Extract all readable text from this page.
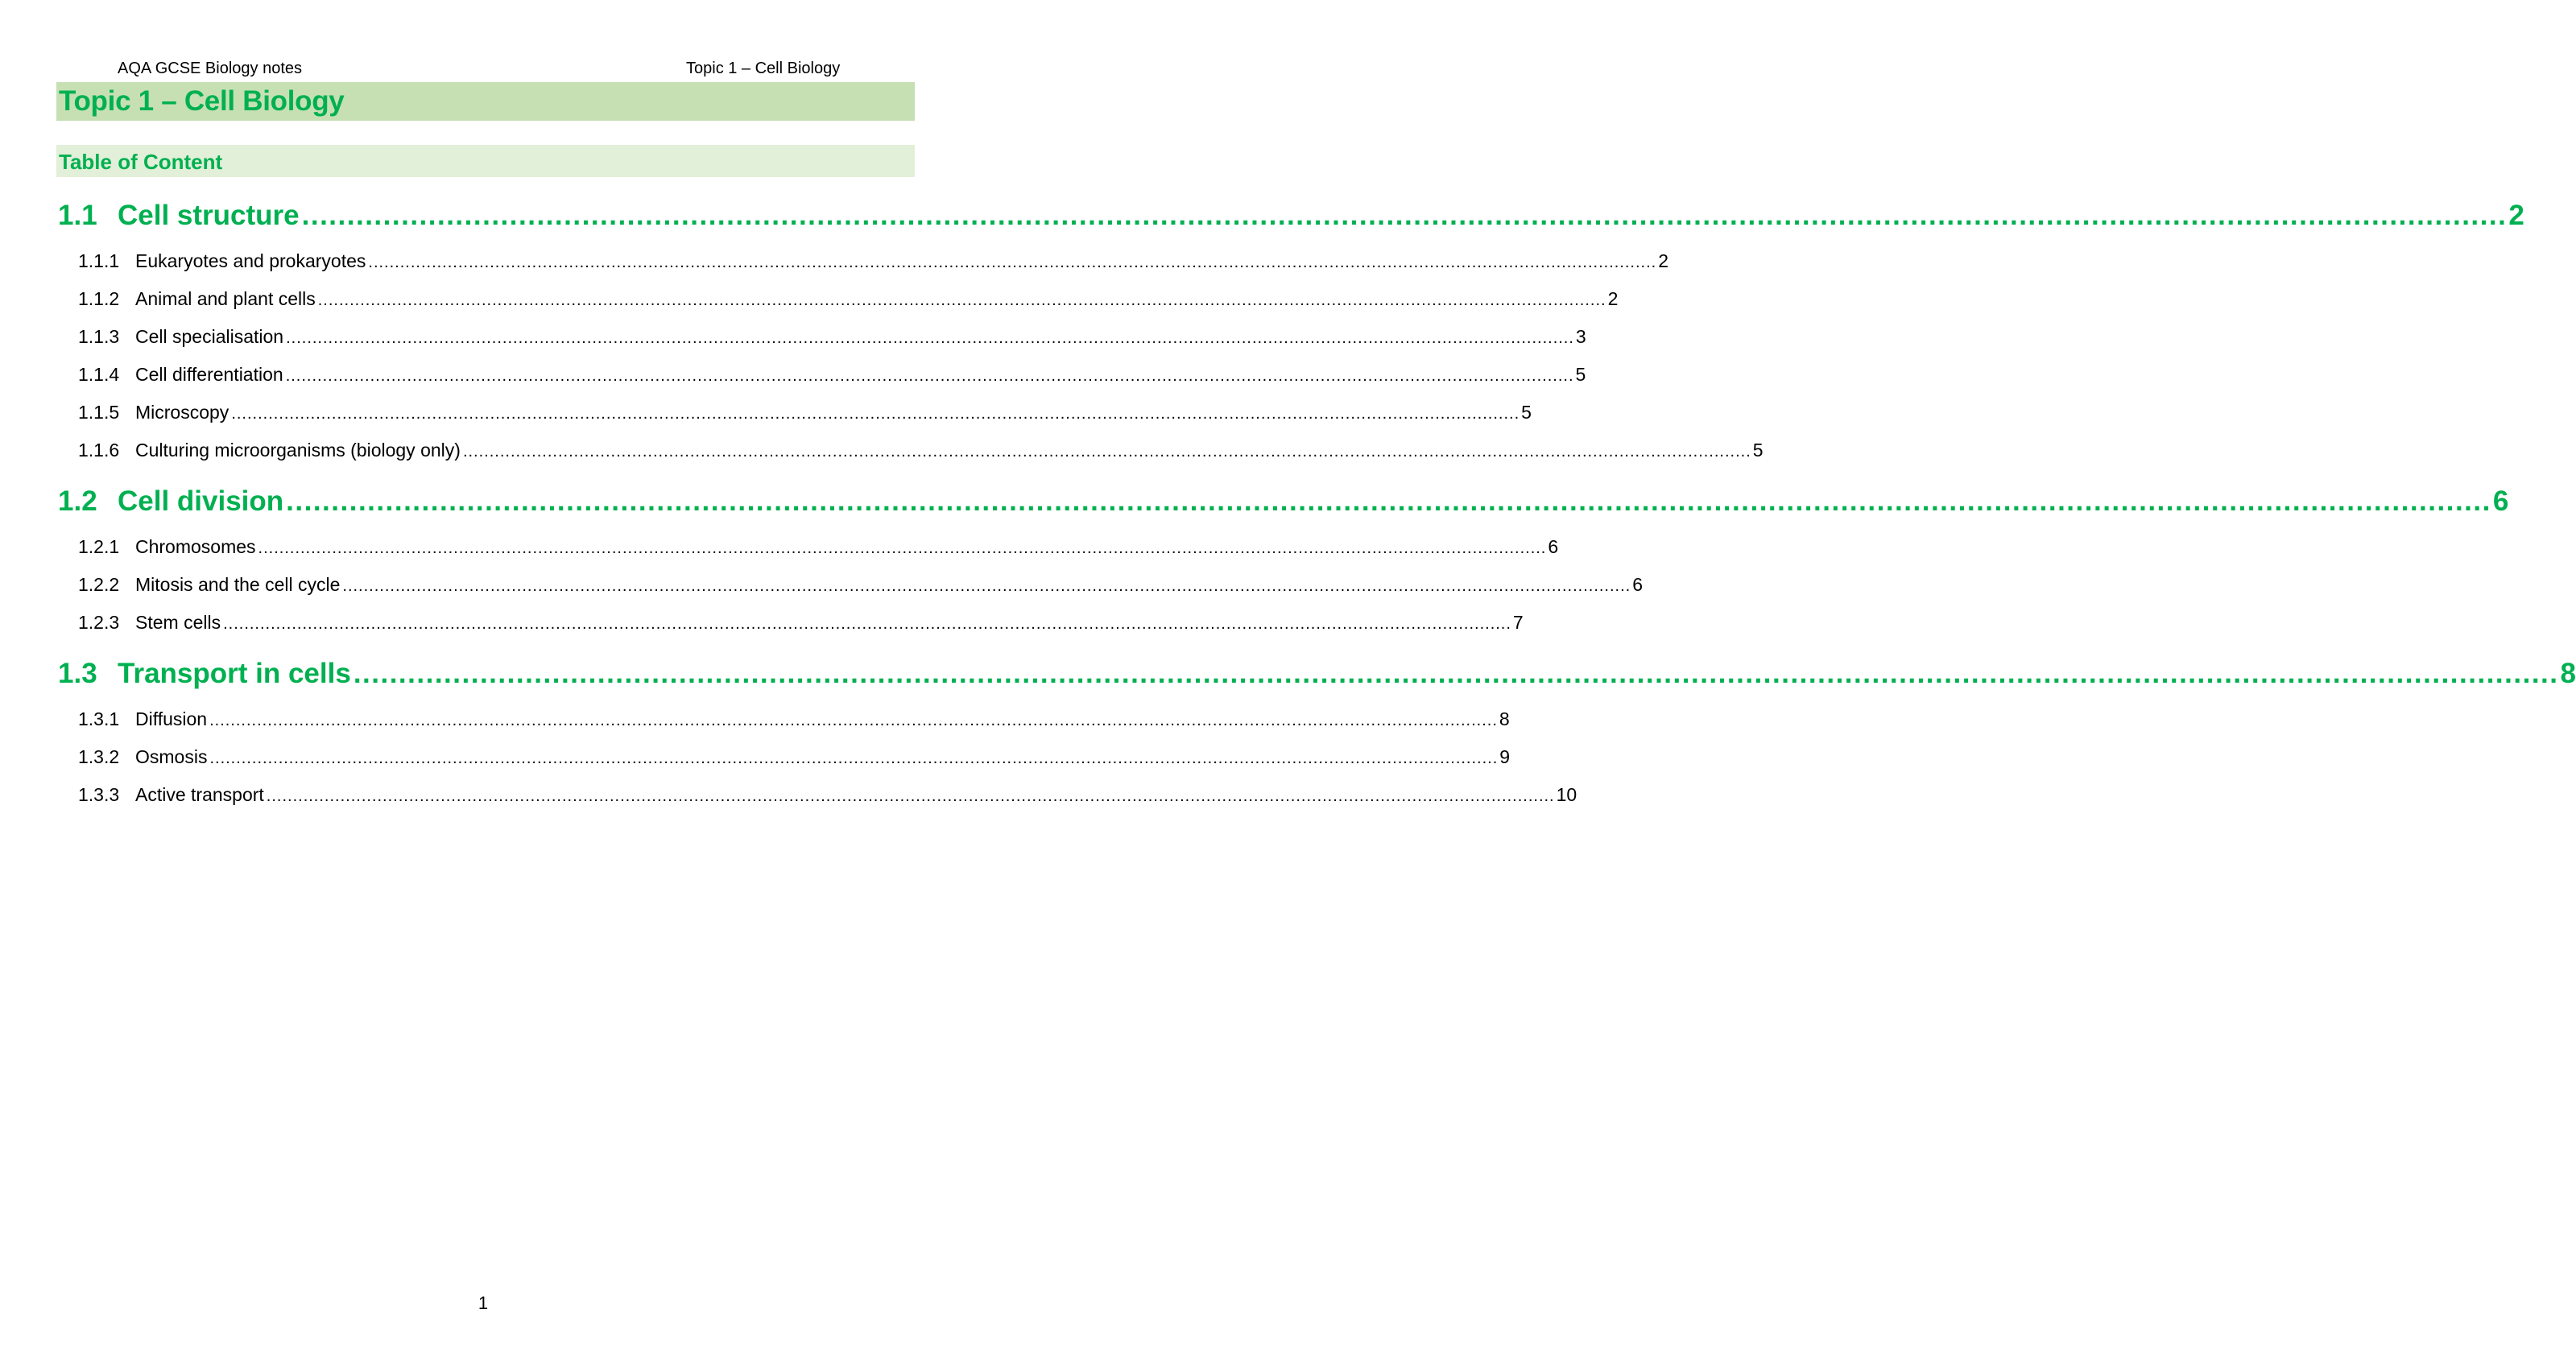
AQA GCSE Biology notes	Topic 1 – Cell Biology
Topic 1 – Cell Biology
Table of Content
1.1 Cell structure .................................................................................................................................................................................................................................................... 2
1.1.1 Eukaryotes and prokaryotes .................................................................................................................................................................................................................................................... 2
1.1.2 Animal and plant cells .................................................................................................................................................................................................................................................... 2
1.1.3 Cell specialisation .................................................................................................................................................................................................................................................... 3
1.1.4 Cell differentiation .................................................................................................................................................................................................................................................... 5
1.1.5 Microscopy .................................................................................................................................................................................................................................................... 5
1.1.6 Culturing microorganisms (biology only) .................................................................................................................................................................................................................................................... 5
1.2 Cell division .................................................................................................................................................................................................................................................... 6
1.2.1 Chromosomes .................................................................................................................................................................................................................................................... 6
1.2.2 Mitosis and the cell cycle .................................................................................................................................................................................................................................................... 6
1.2.3 Stem cells .................................................................................................................................................................................................................................................... 7
1.3 Transport in cells .................................................................................................................................................................................................................................................... 8
1.3.1 Diffusion .................................................................................................................................................................................................................................................... 8
1.3.2 Osmosis .................................................................................................................................................................................................................................................... 9
1.3.3 Active transport .................................................................................................................................................................................................................................................... 10
1
